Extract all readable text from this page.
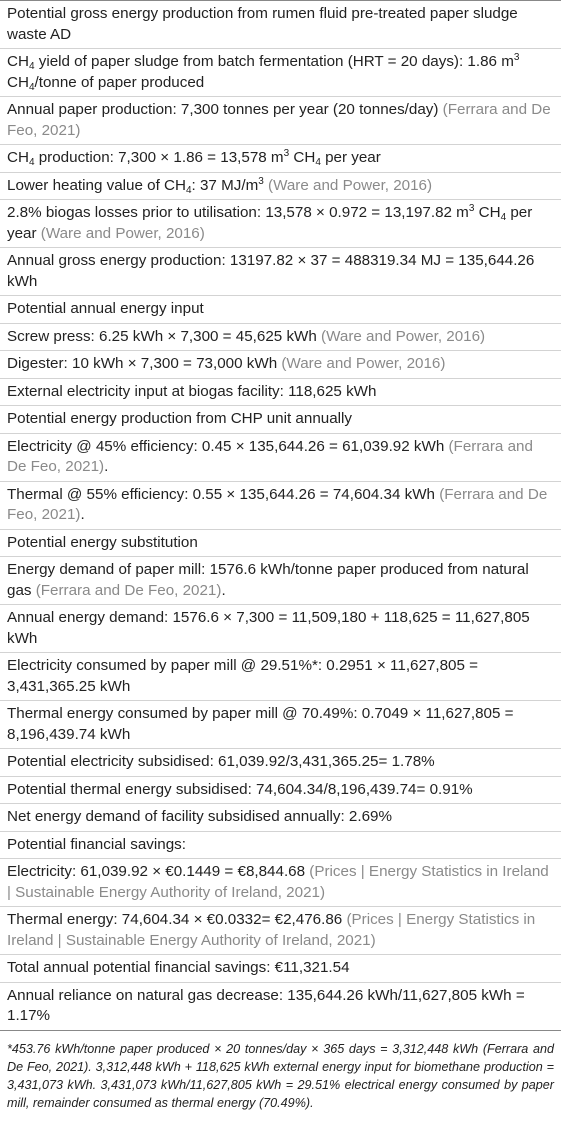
Potential gross energy production from rumen fluid pre-treated paper sludge waste AD
$CH_4$ yield of paper sludge from batch fermentation (HRT = 20 days): 1.86 $m^3$ $CH_4$/tonne of paper produced
Annual paper production: 7,300 tonnes per year (20 tonnes/day) (Ferrara and De Feo, 2021)
$CH_4$ production: 7,300 × 1.86 = 13,578 $m^3$ $CH_4$ per year
Lower heating value of $CH_4$: 37 $MJ/m^3$ (Ware and Power, 2016)
2.8% biogas losses prior to utilisation: 13,578 × 0.972 = 13,197.82 $m^3$ $CH_4$ per year (Ware and Power, 2016)
Annual gross energy production: 13197.82 × 37 = 488319.34 MJ = 135,644.26 kWh
Potential annual energy input
Screw press: 6.25 kWh × 7,300 = 45,625 kWh (Ware and Power, 2016)
Digester: 10 kWh × 7,300 = 73,000 kWh (Ware and Power, 2016)
External electricity input at biogas facility: 118,625 kWh
Potential energy production from CHP unit annually
Electricity @ 45% efficiency: 0.45 × 135,644.26 = 61,039.92 kWh (Ferrara and De Feo, 2021).
Thermal @ 55% efficiency: 0.55 × 135,644.26 = 74,604.34 kWh (Ferrara and De Feo, 2021).
Potential energy substitution
Energy demand of paper mill: 1576.6 kWh/tonne paper produced from natural gas (Ferrara and De Feo, 2021).
Annual energy demand: 1576.6 × 7,300 = 11,509,180 + 118,625 = 11,627,805 kWh
Electricity consumed by paper mill @ 29.51%*: 0.2951 × 11,627,805 = 3,431,365.25 kWh
Thermal energy consumed by paper mill @ 70.49%: 0.7049 × 11,627,805 = 8,196,439.74 kWh
Potential electricity subsidised: 61,039.92/3,431,365.25= 1.78%
Potential thermal energy subsidised: 74,604.34/8,196,439.74= 0.91%
Net energy demand of facility subsidised annually: 2.69%
Potential financial savings:
Electricity: 61,039.92 × €0.1449 = €8,844.68 (Prices | Energy Statistics in Ireland | Sustainable Energy Authority of Ireland, 2021)
Thermal energy: 74,604.34 × €0.0332= €2,476.86 (Prices | Energy Statistics in Ireland | Sustainable Energy Authority of Ireland, 2021)
Total annual potential financial savings: €11,321.54
Annual reliance on natural gas decrease: 135,644.26 kWh/11,627,805 kWh = 1.17%
*453.76 kWh/tonne paper produced × 20 tonnes/day × 365 days = 3,312,448 kWh (Ferrara and De Feo, 2021). 3,312,448 kWh + 118,625 kWh external energy input for biomethane production = 3,431,073 kWh. 3,431,073 kWh/11,627,805 kWh = 29.51% electrical energy consumed by paper mill, remainder consumed as thermal energy (70.49%).
